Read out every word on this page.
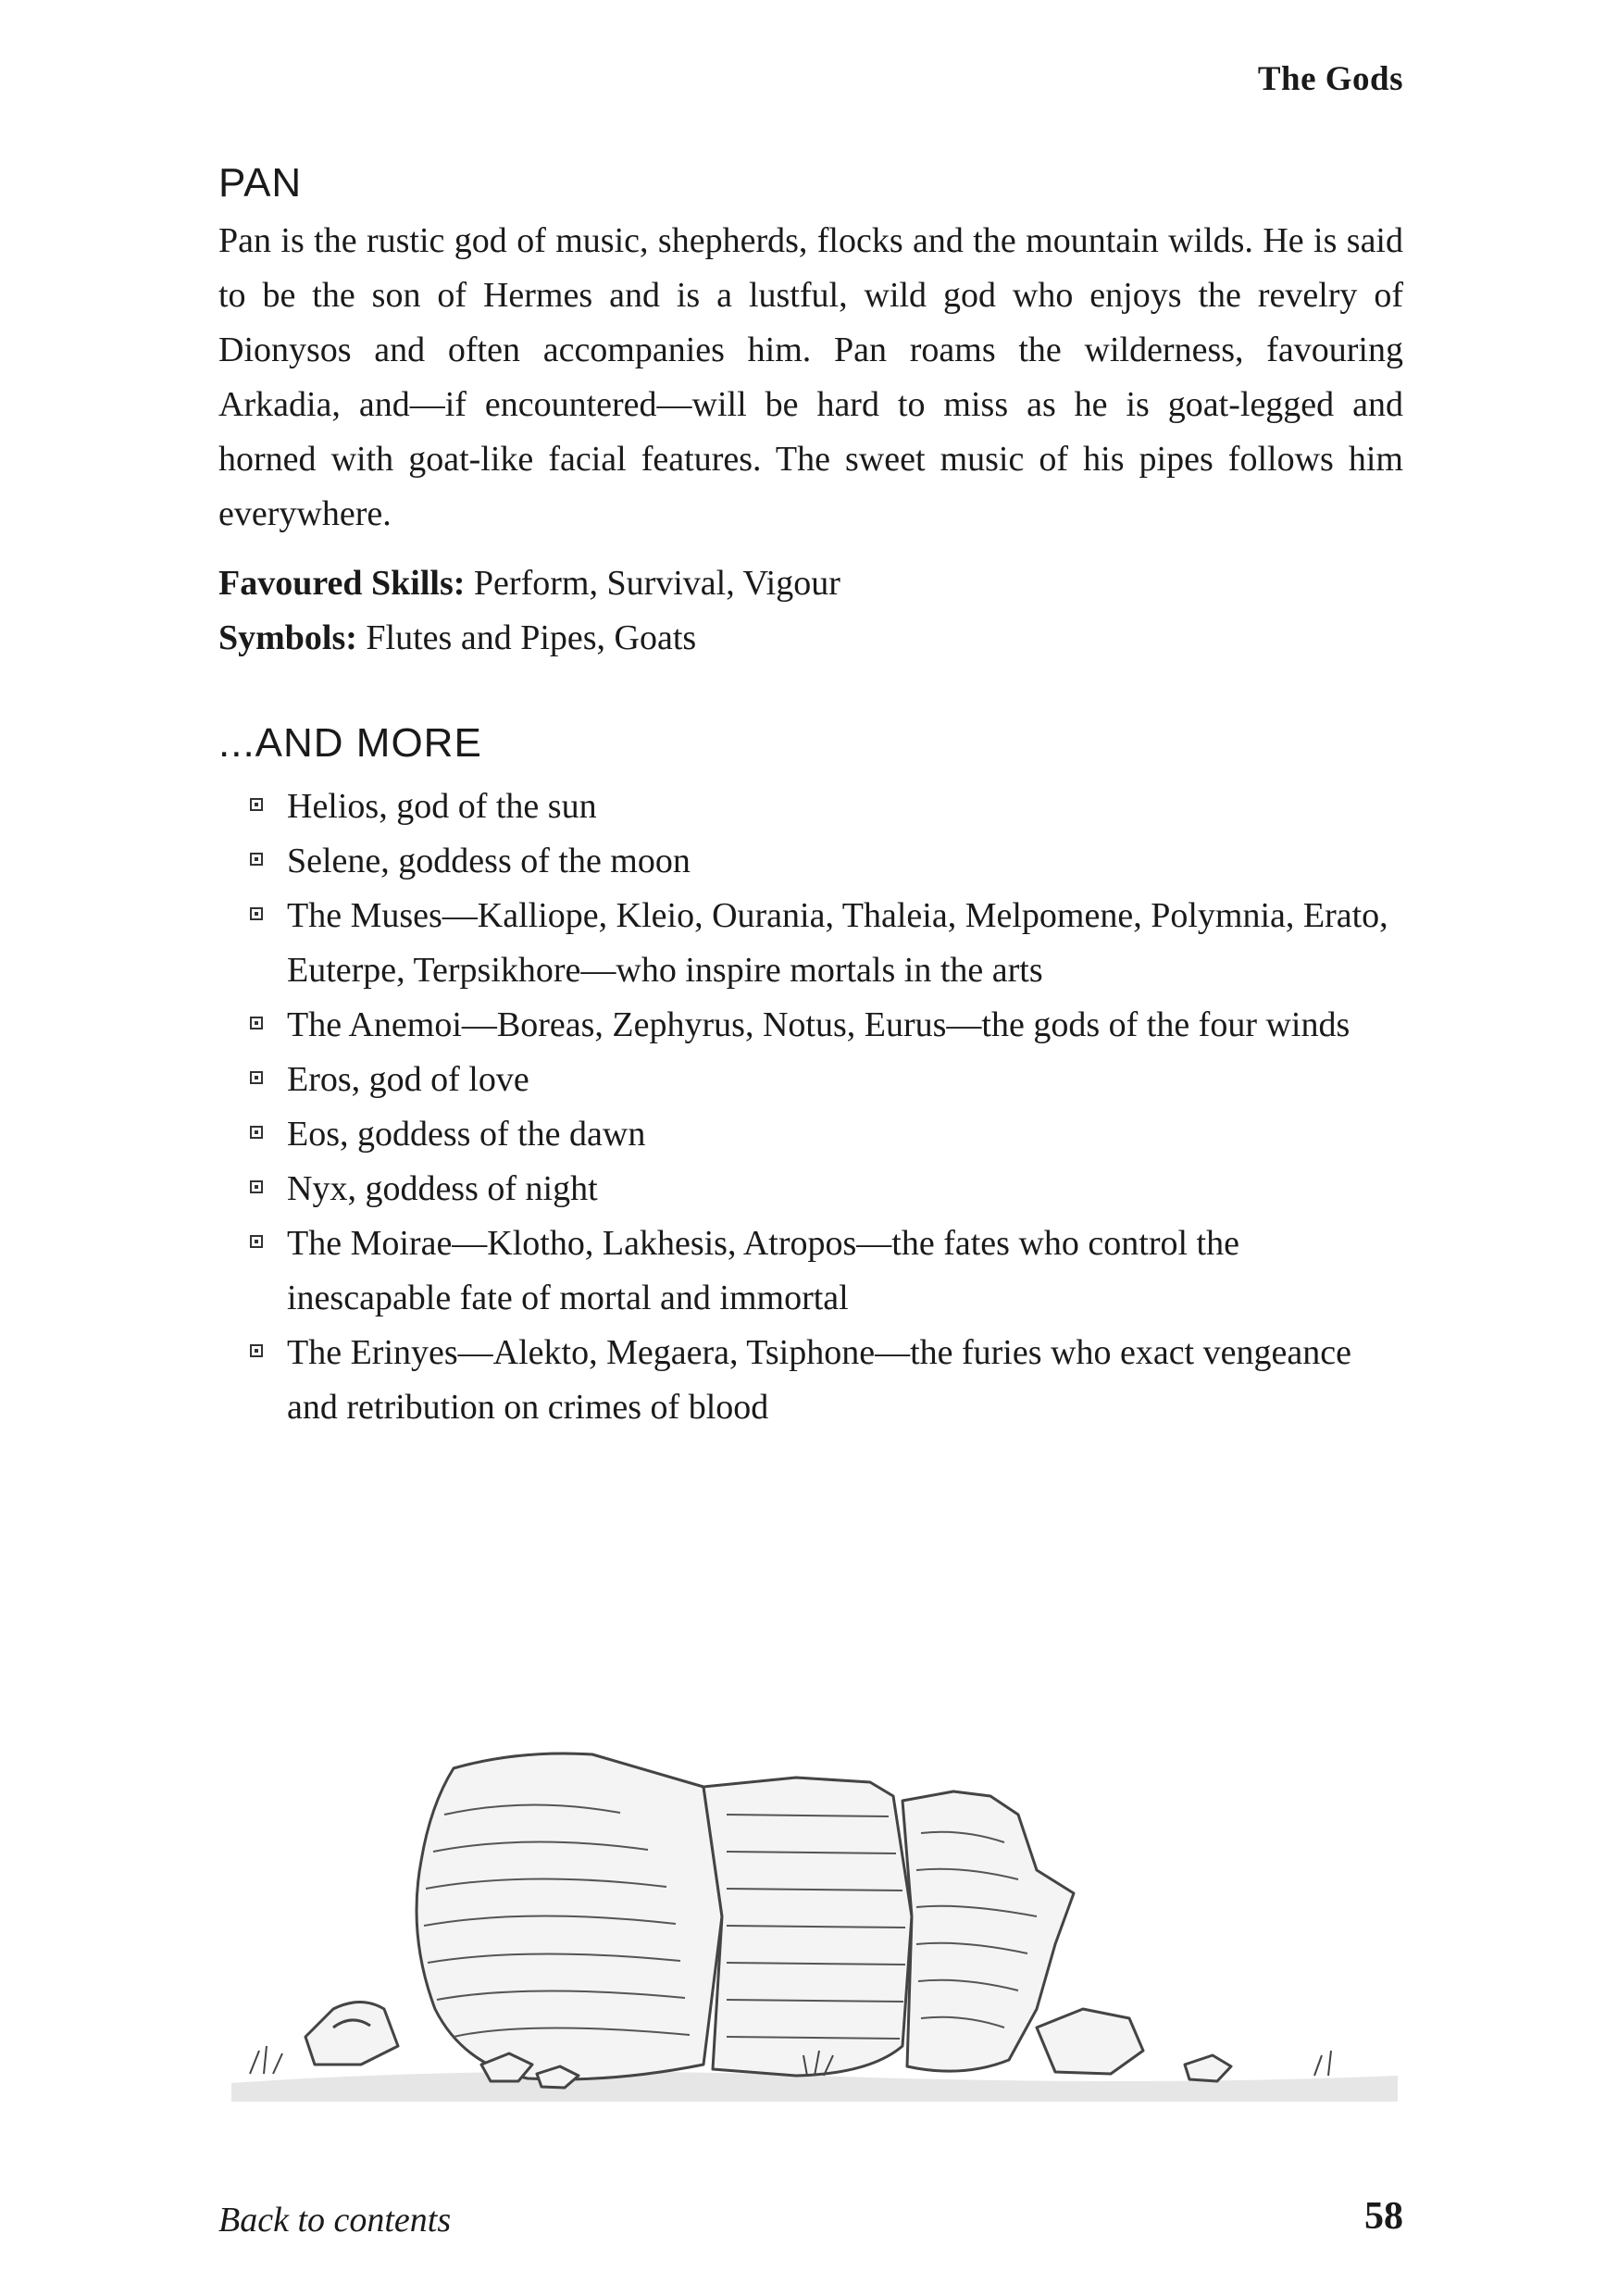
The Gods
PAN

Pan is the rustic god of music, shepherds, flocks and the mountain wilds. He is said to be the son of Hermes and is a lustful, wild god who enjoys the revelry of Dionysos and often accompanies him. Pan roams the wilderness, favouring Arkadia, and—if encountered—will be hard to miss as he is goat-legged and horned with goat-like facial features. The sweet music of his pipes follows him everywhere.

Favoured Skills: Perform, Survival, Vigour
Symbols: Flutes and Pipes, Goats
...AND MORE
Helios, god of the sun
Selene, goddess of the moon
The Muses—Kalliope, Kleio, Ourania, Thaleia, Melpomene, Polymnia, Erato, Euterpe, Terpsikhore—who inspire mortals in the arts
The Anemoi—Boreas, Zephyrus, Notus, Eurus—the gods of the four winds
Eros, god of love
Eos, goddess of the dawn
Nyx, goddess of night
The Moirae—Klotho, Lakhesis, Atropos—the fates who control the inescapable fate of mortal and immortal
The Erinyes—Alekto, Megaera, Tsiphone—the furies who exact vengeance and retribution on crimes of blood
Back to contents	58
